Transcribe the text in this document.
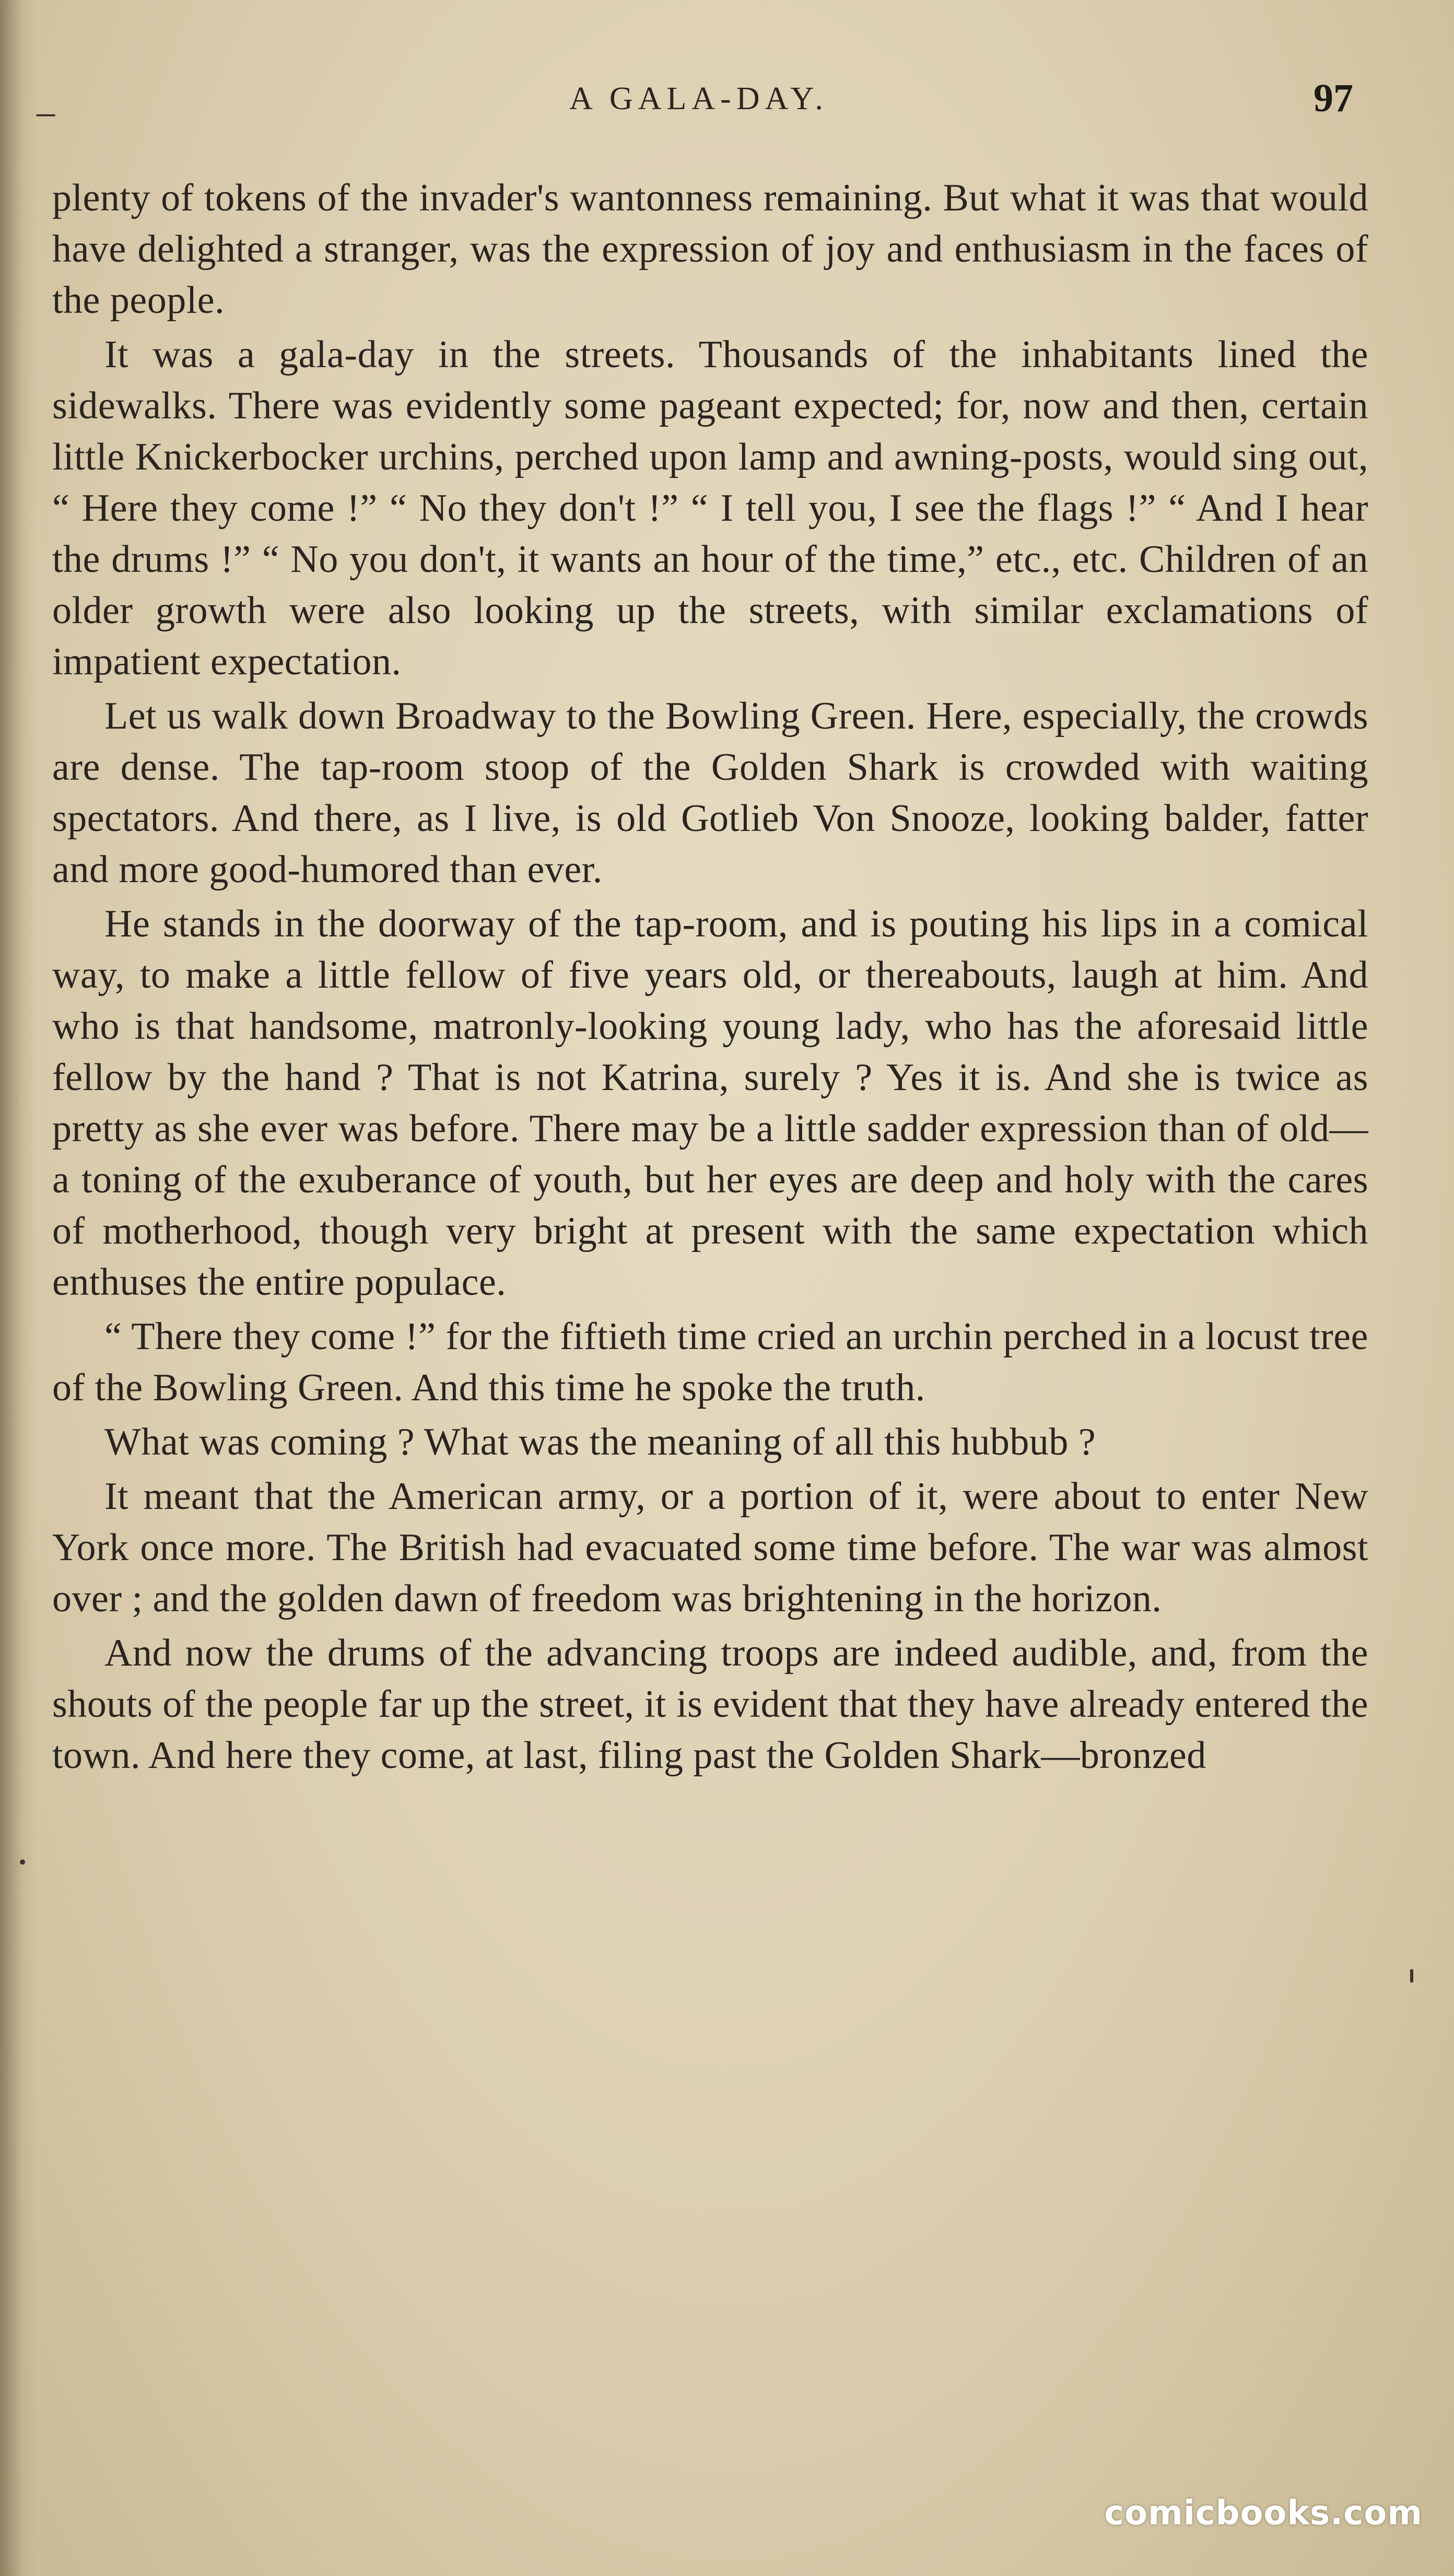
–	A GALA-DAY.	97

plenty of tokens of the invader's wantonness remaining. But what it was that would have delighted a stranger, was the expression of joy and enthusiasm in the faces of the people.

It was a gala-day in the streets. Thousands of the inhabitants lined the sidewalks. There was evidently some pageant expected; for, now and then, certain little Knickerbocker urchins, perched upon lamp and awning-posts, would sing out, “ Here they come !” “ No they don't !” “ I tell you, I see the flags !” “ And I hear the drums !” “ No you don't, it wants an hour of the time,” etc., etc. Children of an older growth were also looking up the streets, with similar exclamations of impatient expectation.

Let us walk down Broadway to the Bowling Green. Here, especially, the crowds are dense. The tap-room stoop of the Golden Shark is crowded with waiting spectators. And there, as I live, is old Gotlieb Von Snooze, looking balder, fatter and more good-humored than ever.

He stands in the doorway of the tap-room, and is pouting his lips in a comical way, to make a little fellow of five years old, or thereabouts, laugh at him. And who is that handsome, matronly-looking young lady, who has the aforesaid little fellow by the hand ? That is not Katrina, surely ? Yes it is. And she is twice as pretty as she ever was before. There may be a little sadder expression than of old—a toning of the exuberance of youth, but her eyes are deep and holy with the cares of motherhood, though very bright at present with the same expectation which enthuses the entire populace.

“ There they come !” for the fiftieth time cried an urchin perched in a locust tree of the Bowling Green. And this time he spoke the truth.

What was coming ? What was the meaning of all this hubbub ?

It meant that the American army, or a portion of it, were about to enter New York once more. The British had evacuated some time before. The war was almost over ; and the golden dawn of freedom was brightening in the horizon.

And now the drums of the advancing troops are indeed audible, and, from the shouts of the people far up the street, it is evident that they have already entered the town. And here they come, at last, filing past the Golden Shark—bronzed

comicbooks.com
